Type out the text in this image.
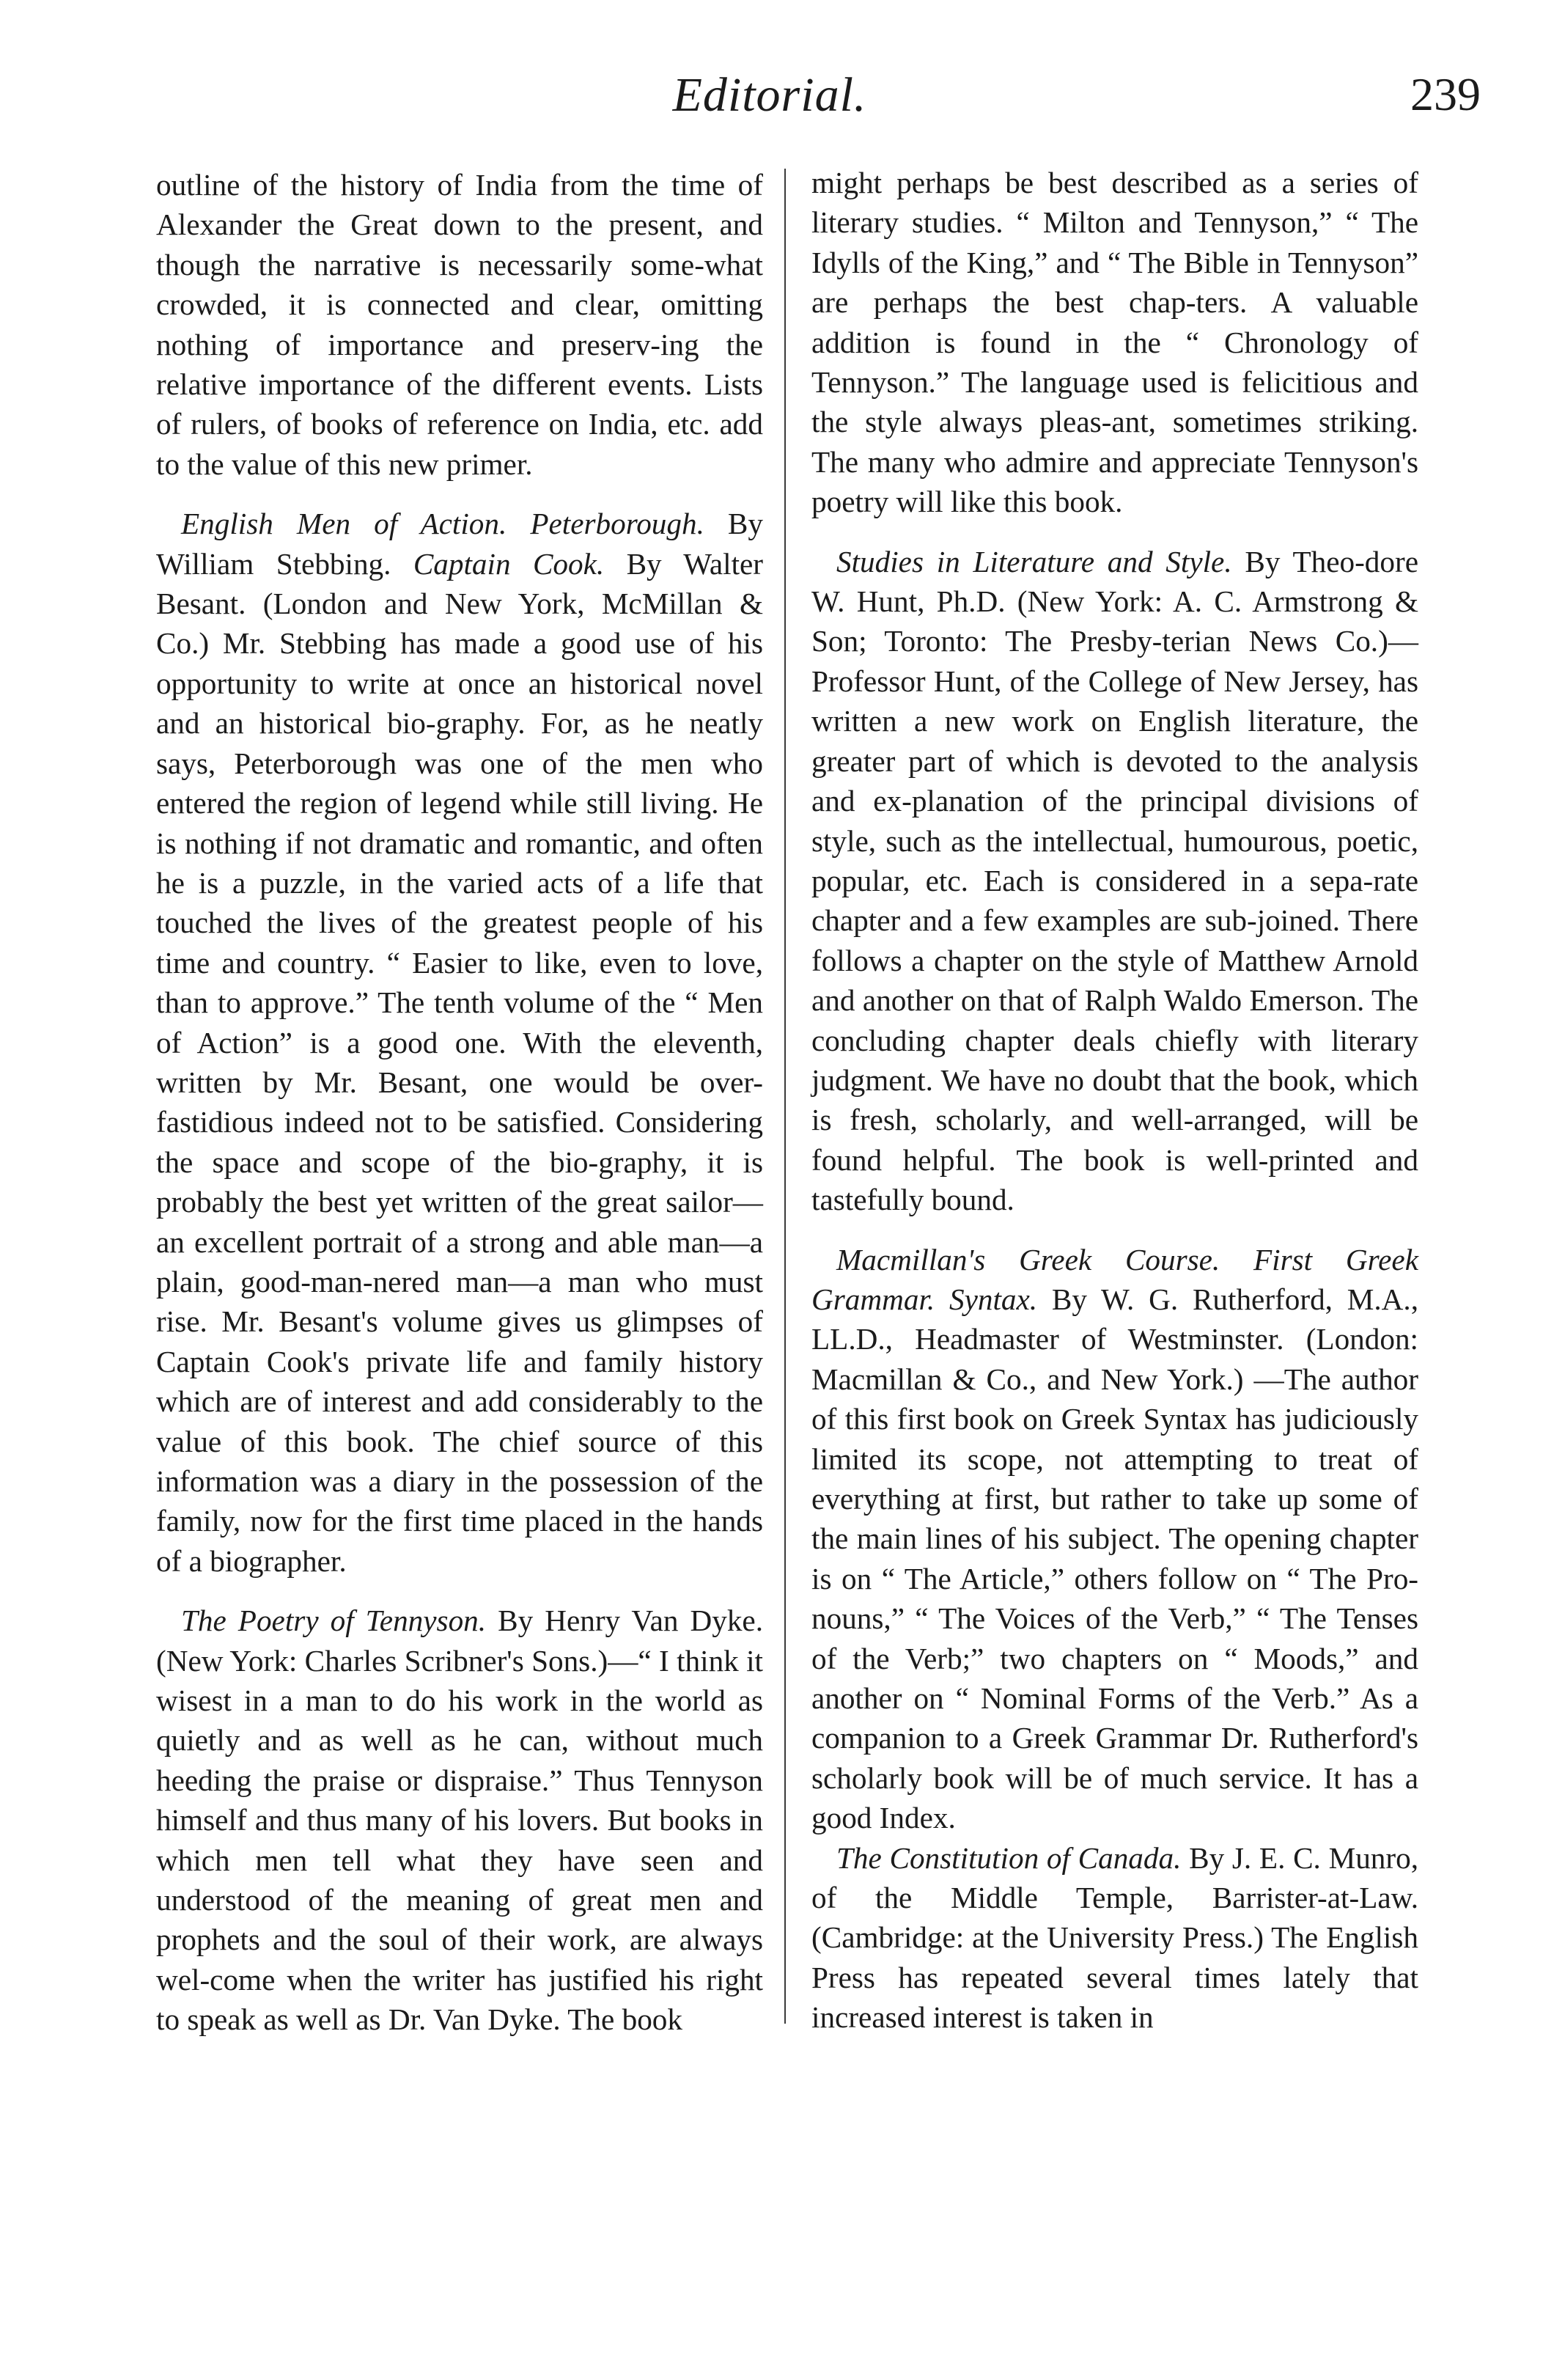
Editorial.	239

outline of the history of India from the time of Alexander the Great down to the present, and though the narrative is necessarily some-what crowded, it is connected and clear, omitting nothing of importance and preserv-ing the relative importance of the different events. Lists of rulers, of books of reference on India, etc. add to the value of this new primer.

English Men of Action. Peterborough. By William Stebbing. Captain Cook. By Walter Besant. (London and New York, McMillan & Co.) Mr. Stebbing has made a good use of his opportunity to write at once an historical novel and an historical bio-graphy. For, as he neatly says, Peterborough was one of the men who entered the region of legend while still living. He is nothing if not dramatic and romantic, and often he is a puzzle, in the varied acts of a life that touched the lives of the greatest people of his time and country. “ Easier to like, even to love, than to approve.” The tenth volume of the “ Men of Action” is a good one. With the eleventh, written by Mr. Besant, one would be over-fastidious indeed not to be satisfied. Considering the space and scope of the bio-graphy, it is probably the best yet written of the great sailor—an excellent portrait of a strong and able man—a plain, good-man-nered man—a man who must rise. Mr. Besant's volume gives us glimpses of Captain Cook's private life and family history which are of interest and add considerably to the value of this book. The chief source of this information was a diary in the possession of the family, now for the first time placed in the hands of a biographer.

The Poetry of Tennyson. By Henry Van Dyke. (New York: Charles Scribner's Sons.)—“ I think it wisest in a man to do his work in the world as quietly and as well as he can, without much heeding the praise or dispraise.” Thus Tennyson himself and thus many of his lovers. But books in which men tell what they have seen and understood of the meaning of great men and prophets and the soul of their work, are always wel-come when the writer has justified his right to speak as well as Dr. Van Dyke. The book

might perhaps be best described as a series of literary studies. “ Milton and Tennyson,” “ The Idylls of the King,” and “ The Bible in Tennyson” are perhaps the best chap-ters. A valuable addition is found in the “ Chronology of Tennyson.” The language used is felicitious and the style always pleas-ant, sometimes striking. The many who admire and appreciate Tennyson's poetry will like this book.

Studies in Literature and Style. By Theo-dore W. Hunt, Ph.D. (New York: A. C. Armstrong & Son; Toronto: The Presby-terian News Co.)—Professor Hunt, of the College of New Jersey, has written a new work on English literature, the greater part of which is devoted to the analysis and ex-planation of the principal divisions of style, such as the intellectual, humourous, poetic, popular, etc. Each is considered in a sepa-rate chapter and a few examples are sub-joined. There follows a chapter on the style of Matthew Arnold and another on that of Ralph Waldo Emerson. The concluding chapter deals chiefly with literary judgment. We have no doubt that the book, which is fresh, scholarly, and well-arranged, will be found helpful. The book is well-printed and tastefully bound.

Macmillan's Greek Course. First Greek Grammar. Syntax. By W. G. Rutherford, M.A., LL.D., Headmaster of Westminster. (London: Macmillan & Co., and New York.) —The author of this first book on Greek Syntax has judiciously limited its scope, not attempting to treat of everything at first, but rather to take up some of the main lines of his subject. The opening chapter is on “ The Article,” others follow on “ The Pro-nouns,” “ The Voices of the Verb,” “ The Tenses of the Verb;” two chapters on “ Moods,” and another on “ Nominal Forms of the Verb.” As a companion to a Greek Grammar Dr. Rutherford's scholarly book will be of much service. It has a good Index.

The Constitution of Canada. By J. E. C. Munro, of the Middle Temple, Barrister-at-Law. (Cambridge: at the University Press.) The English Press has repeated several times lately that increased interest is taken in
